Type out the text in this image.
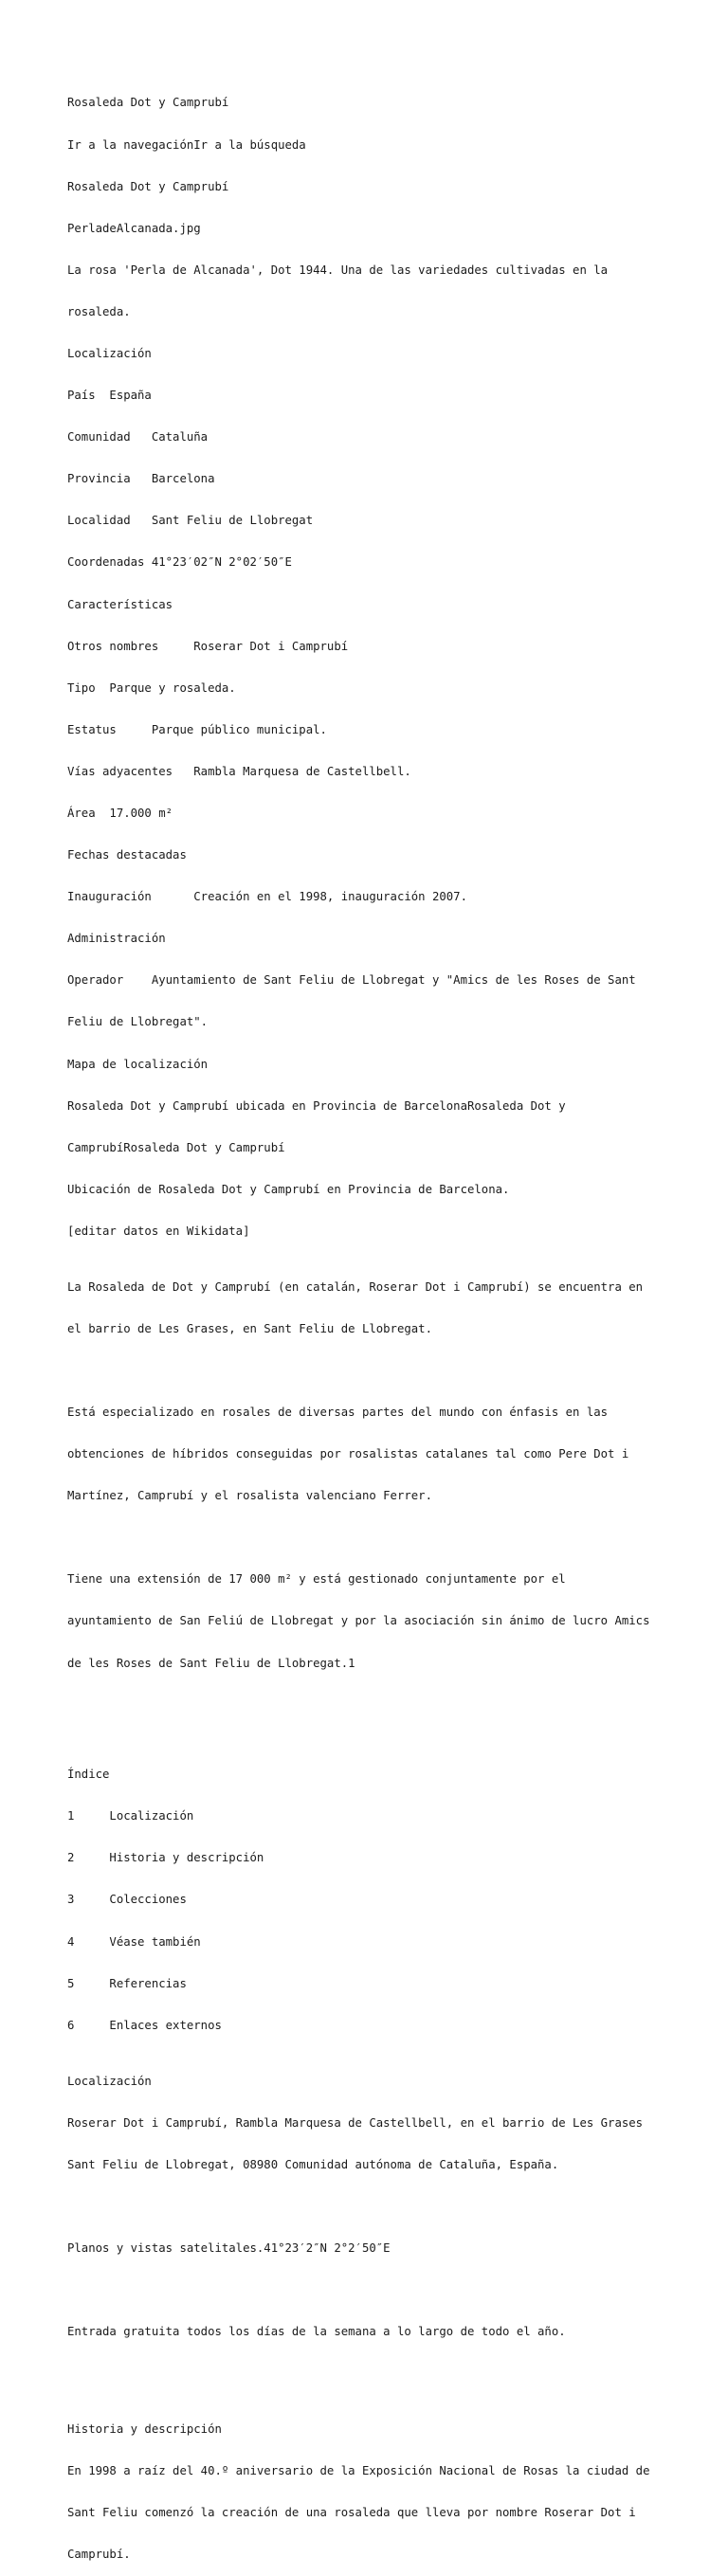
Rosaleda Dot y Camprubí

Ir a la navegaciónIr a la búsqueda

Rosaleda Dot y Camprubí

PerladeAlcanada.jpg

La rosa 'Perla de Alcanada', Dot 1944. Una de las variedades cultivadas en la

rosaleda.

Localización

País  España

Comunidad   Cataluña

Provincia   Barcelona

Localidad   Sant Feliu de Llobregat

Coordenadas 41°23′02″N 2°02′50″E

Características

Otros nombres     Roserar Dot i Camprubí

Tipo  Parque y rosaleda.

Estatus     Parque público municipal.

Vías adyacentes   Rambla Marquesa de Castellbell.

Área  17.000 m²

Fechas destacadas

Inauguración      Creación en el 1998, inauguración 2007.

Administración

Operador    Ayuntamiento de Sant Feliu de Llobregat y "Amics de les Roses de Sant

Feliu de Llobregat".

Mapa de localización

Rosaleda Dot y Camprubí ubicada en Provincia de BarcelonaRosaleda Dot y

CamprubíRosaleda Dot y Camprubí

Ubicación de Rosaleda Dot y Camprubí en Provincia de Barcelona.

[editar datos en Wikidata]

La Rosaleda de Dot y Camprubí (en catalán, Roserar Dot i Camprubí) se encuentra en

el barrio de Les Grases, en Sant Feliu de Llobregat.

Está especializado en rosales de diversas partes del mundo con énfasis en las

obtenciones de híbridos conseguidas por rosalistas catalanes tal como Pere Dot i

Martínez, Camprubí y el rosalista valenciano Ferrer.

Tiene una extensión de 17 000 m² y está gestionado conjuntamente por el

ayuntamiento de San Feliú de Llobregat y por la asociación sin ánimo de lucro Amics

de les Roses de Sant Feliu de Llobregat.1

Índice

1     Localización

2     Historia y descripción

3     Colecciones

4     Véase también

5     Referencias

6     Enlaces externos

Localización

Roserar Dot i Camprubí, Rambla Marquesa de Castellbell, en el barrio de Les Grases

Sant Feliu de Llobregat, 08980 Comunidad autónoma de Cataluña, España.

Planos y vistas satelitales.41°23′2″N 2°2′50″E

Entrada gratuita todos los días de la semana a lo largo de todo el año.

Historia y descripción

En 1998 a raíz del 40.º aniversario de la Exposición Nacional de Rosas la ciudad de

Sant Feliu comenzó la creación de una rosaleda que lleva por nombre Roserar Dot i

Camprubí.
